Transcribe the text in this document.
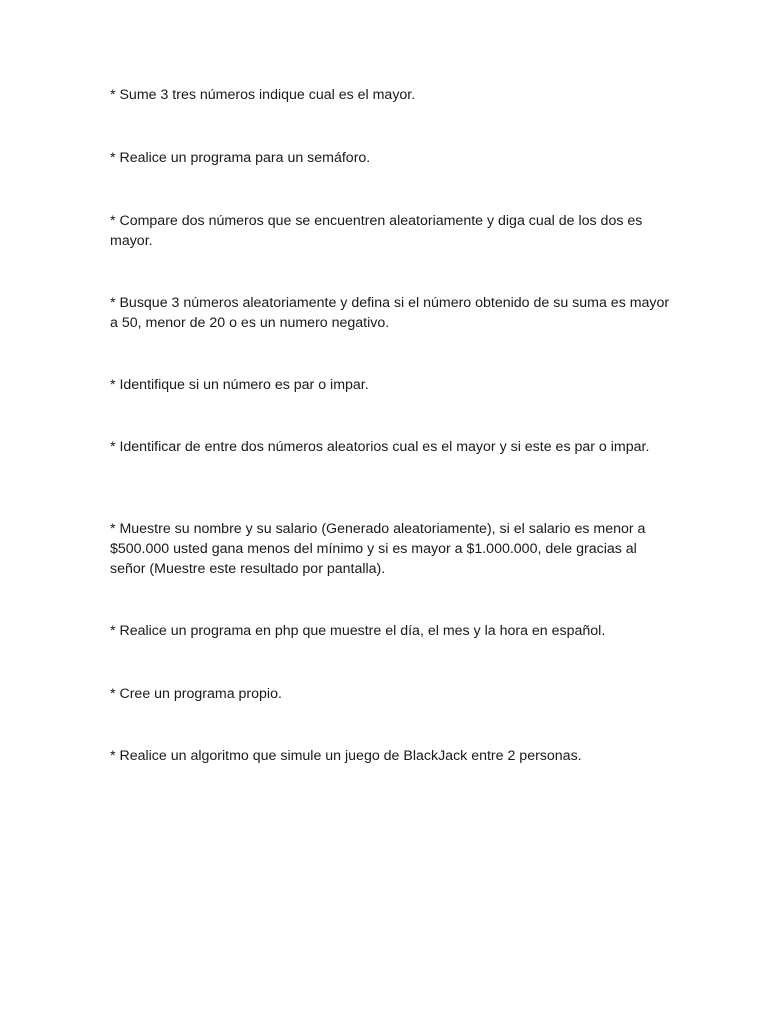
* Sume 3 tres números indique cual es el mayor.

* Realice un programa para un semáforo.

* Compare dos números que se encuentren aleatoriamente y diga cual de los dos es mayor.

* Busque 3 números aleatoriamente y defina si el número obtenido de su suma es mayor a 50, menor de 20 o es un numero negativo.

* Identifique si un número es par o impar.

* Identificar de entre dos números aleatorios cual es el mayor y si este es par o impar.

* Muestre su nombre y su salario (Generado aleatoriamente), si el salario es menor a $500.000 usted gana menos del mínimo y si es mayor a $1.000.000, dele gracias al señor (Muestre este resultado por pantalla).

* Realice un programa en php que muestre el día, el mes y la hora en español.

* Cree un programa propio.

* Realice un algoritmo que simule un juego de BlackJack entre 2 personas.
